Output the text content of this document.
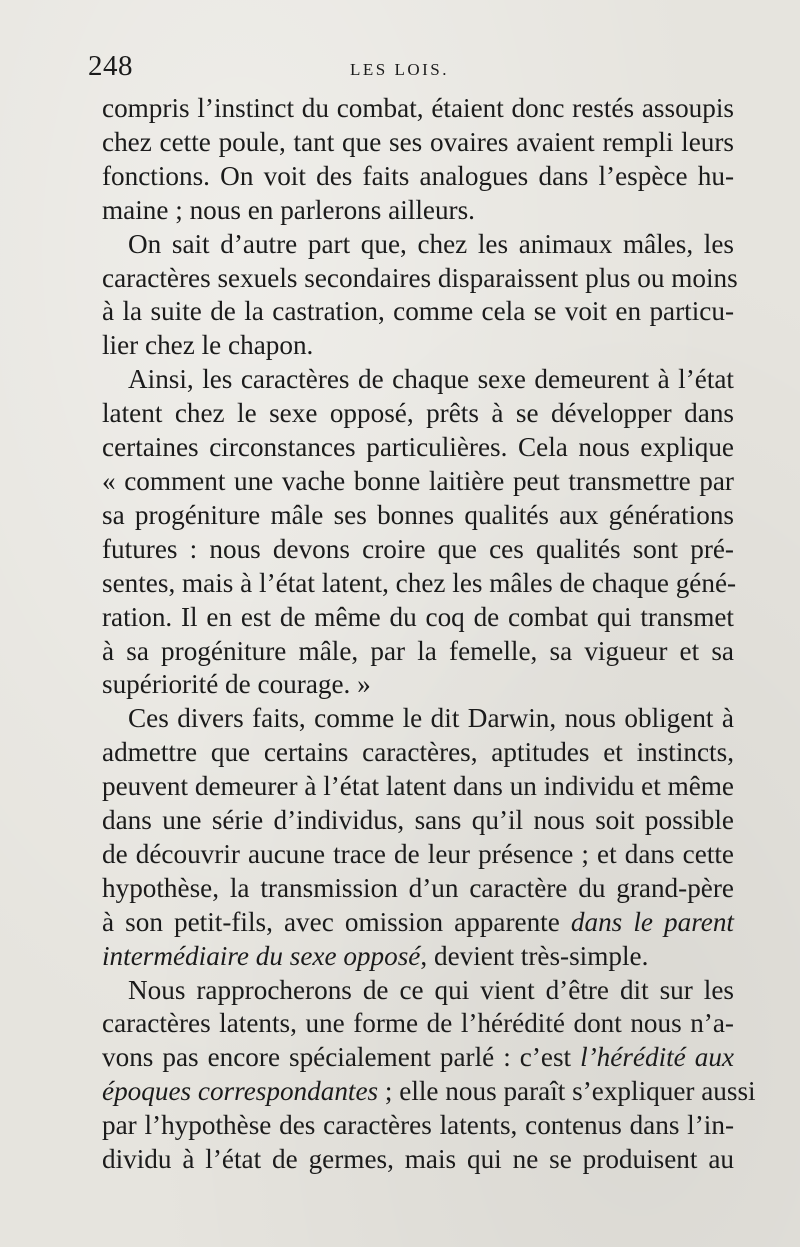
248	LES LOIS.
compris l’instinct du combat, étaient donc restés assoupis
chez cette poule, tant que ses ovaires avaient rempli leurs
fonctions. On voit des faits analogues dans l’espèce hu-
maine ; nous en parlerons ailleurs.
On sait d’autre part que, chez les animaux mâles, les
caractères sexuels secondaires disparaissent plus ou moins
à la suite de la castration, comme cela se voit en particu-
lier chez le chapon.
Ainsi, les caractères de chaque sexe demeurent à l’état
latent chez le sexe opposé, prêts à se développer dans
certaines circonstances particulières. Cela nous explique
« comment une vache bonne laitière peut transmettre par
sa progéniture mâle ses bonnes qualités aux générations
futures : nous devons croire que ces qualités sont pré-
sentes, mais à l’état latent, chez les mâles de chaque géné-
ration. Il en est de même du coq de combat qui transmet
à sa progéniture mâle, par la femelle, sa vigueur et sa
supériorité de courage. »
Ces divers faits, comme le dit Darwin, nous obligent à
admettre que certains caractères, aptitudes et instincts,
peuvent demeurer à l’état latent dans un individu et même
dans une série d’individus, sans qu’il nous soit possible
de découvrir aucune trace de leur présence ; et dans cette
hypothèse, la transmission d’un caractère du grand-père
à son petit-fils, avec omission apparente dans le parent
intermédiaire du sexe opposé, devient très-simple.
Nous rapprocherons de ce qui vient d’être dit sur les
caractères latents, une forme de l’hérédité dont nous n’a-
vons pas encore spécialement parlé : c’est l’hérédité aux
époques correspondantes ; elle nous paraît s’expliquer aussi
par l’hypothèse des caractères latents, contenus dans l’in-
dividu à l’état de germes, mais qui ne se produisent au
